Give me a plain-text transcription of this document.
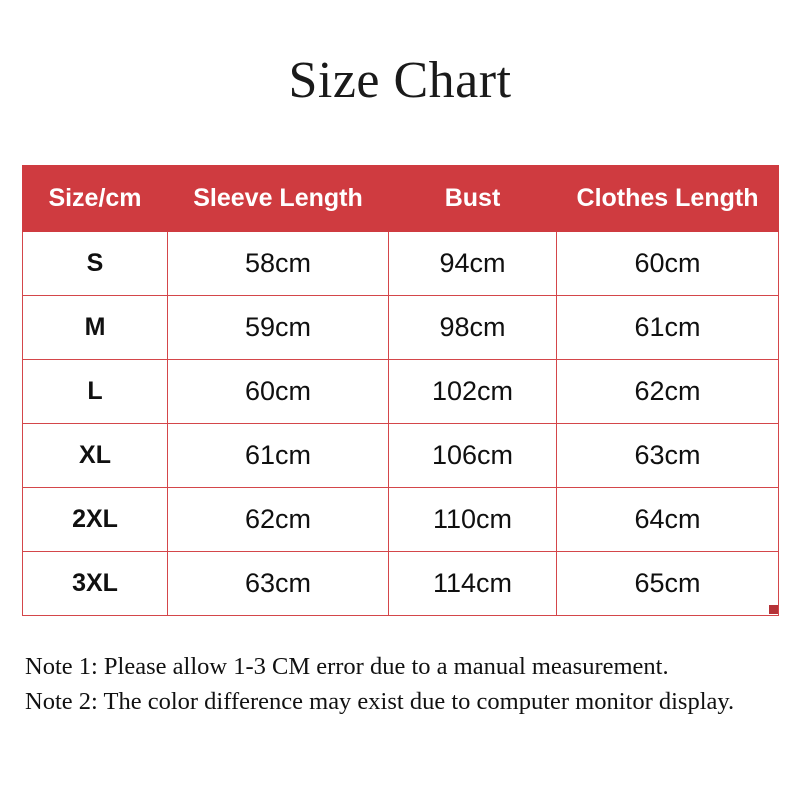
Size Chart
Size/cm	Sleeve Length	Bust	Clothes Length
S	58cm	94cm	60cm
M	59cm	98cm	61cm
L	60cm	102cm	62cm
XL	61cm	106cm	63cm
2XL	62cm	110cm	64cm
3XL	63cm	114cm	65cm
Note 1: Please allow 1-3 CM error due to a manual measurement.
Note 2: The color difference may exist due to computer monitor display.
